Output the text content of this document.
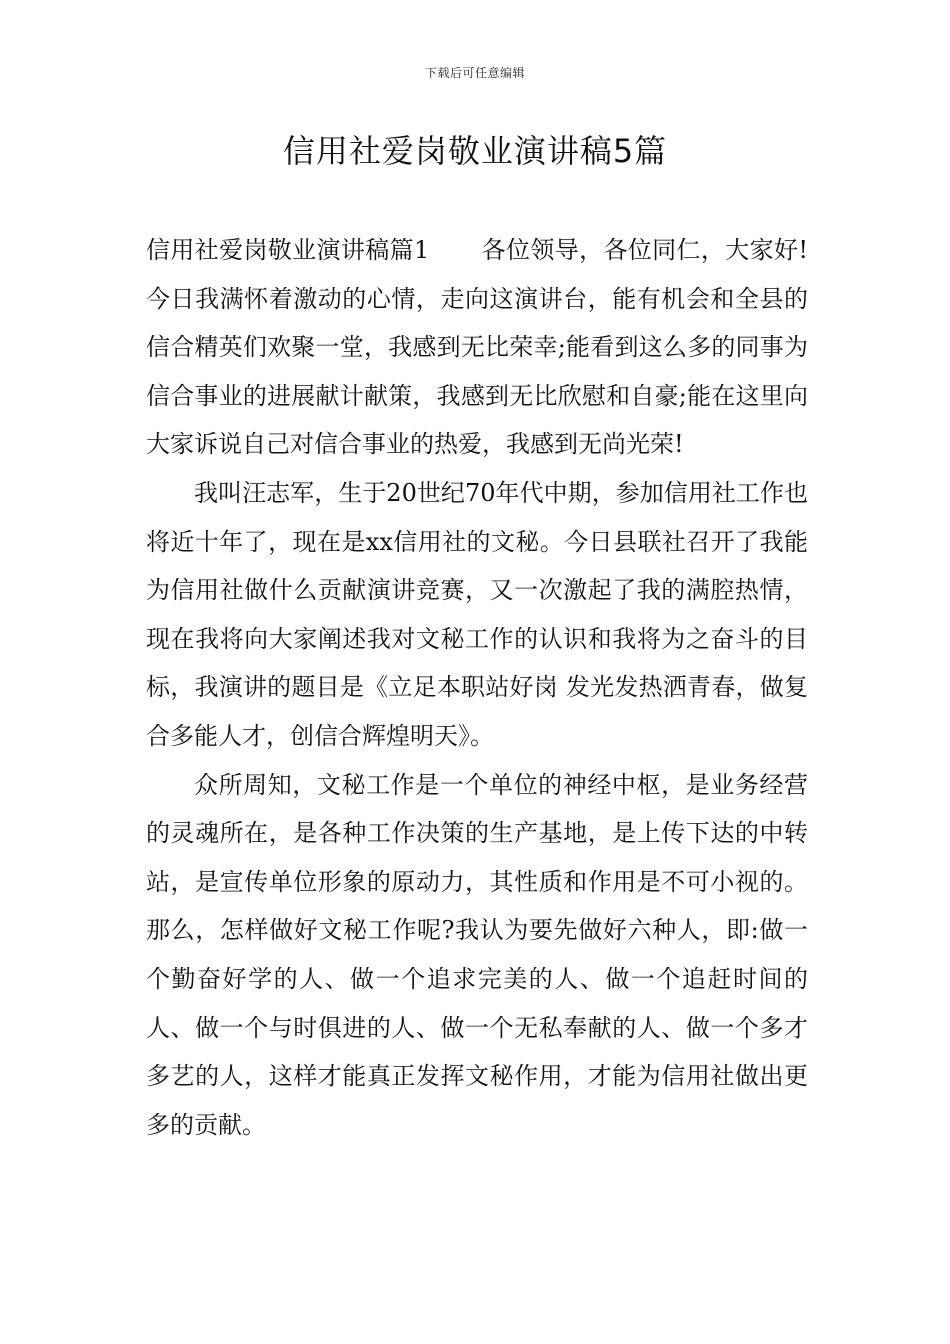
下载后可任意编辑
信用社爱岗敬业演讲稿5篇

信用社爱岗敬业演讲稿篇1 各位领导，各位同仁，大家好!今日我满怀着激动的心情，走向这演讲台，能有机会和全县的信合精英们欢聚一堂，我感到无比荣幸;能看到这么多的同事为信合事业的进展献计献策，我感到无比欣慰和自豪;能在这里向大家诉说自己对信合事业的热爱，我感到无尚光荣!

我叫汪志军，生于20世纪70年代中期，参加信用社工作也将近十年了，现在是xx信用社的文秘。今日县联社召开了我能为信用社做什么贡献演讲竞赛，又一次激起了我的满腔热情，现在我将向大家阐述我对文秘工作的认识和我将为之奋斗的目标，我演讲的题目是《立足本职站好岗 发光发热洒青春，做复合多能人才，创信合辉煌明天》。

众所周知，文秘工作是一个单位的神经中枢，是业务经营的灵魂所在，是各种工作决策的生产基地，是上传下达的中转站，是宣传单位形象的原动力，其性质和作用是不可小视的。那么，怎样做好文秘工作呢?我认为要先做好六种人，即:做一个勤奋好学的人、做一个追求完美的人、做一个追赶时间的人、做一个与时俱进的人、做一个无私奉献的人、做一个多才多艺的人，这样才能真正发挥文秘作用，才能为信用社做出更多的贡献。
